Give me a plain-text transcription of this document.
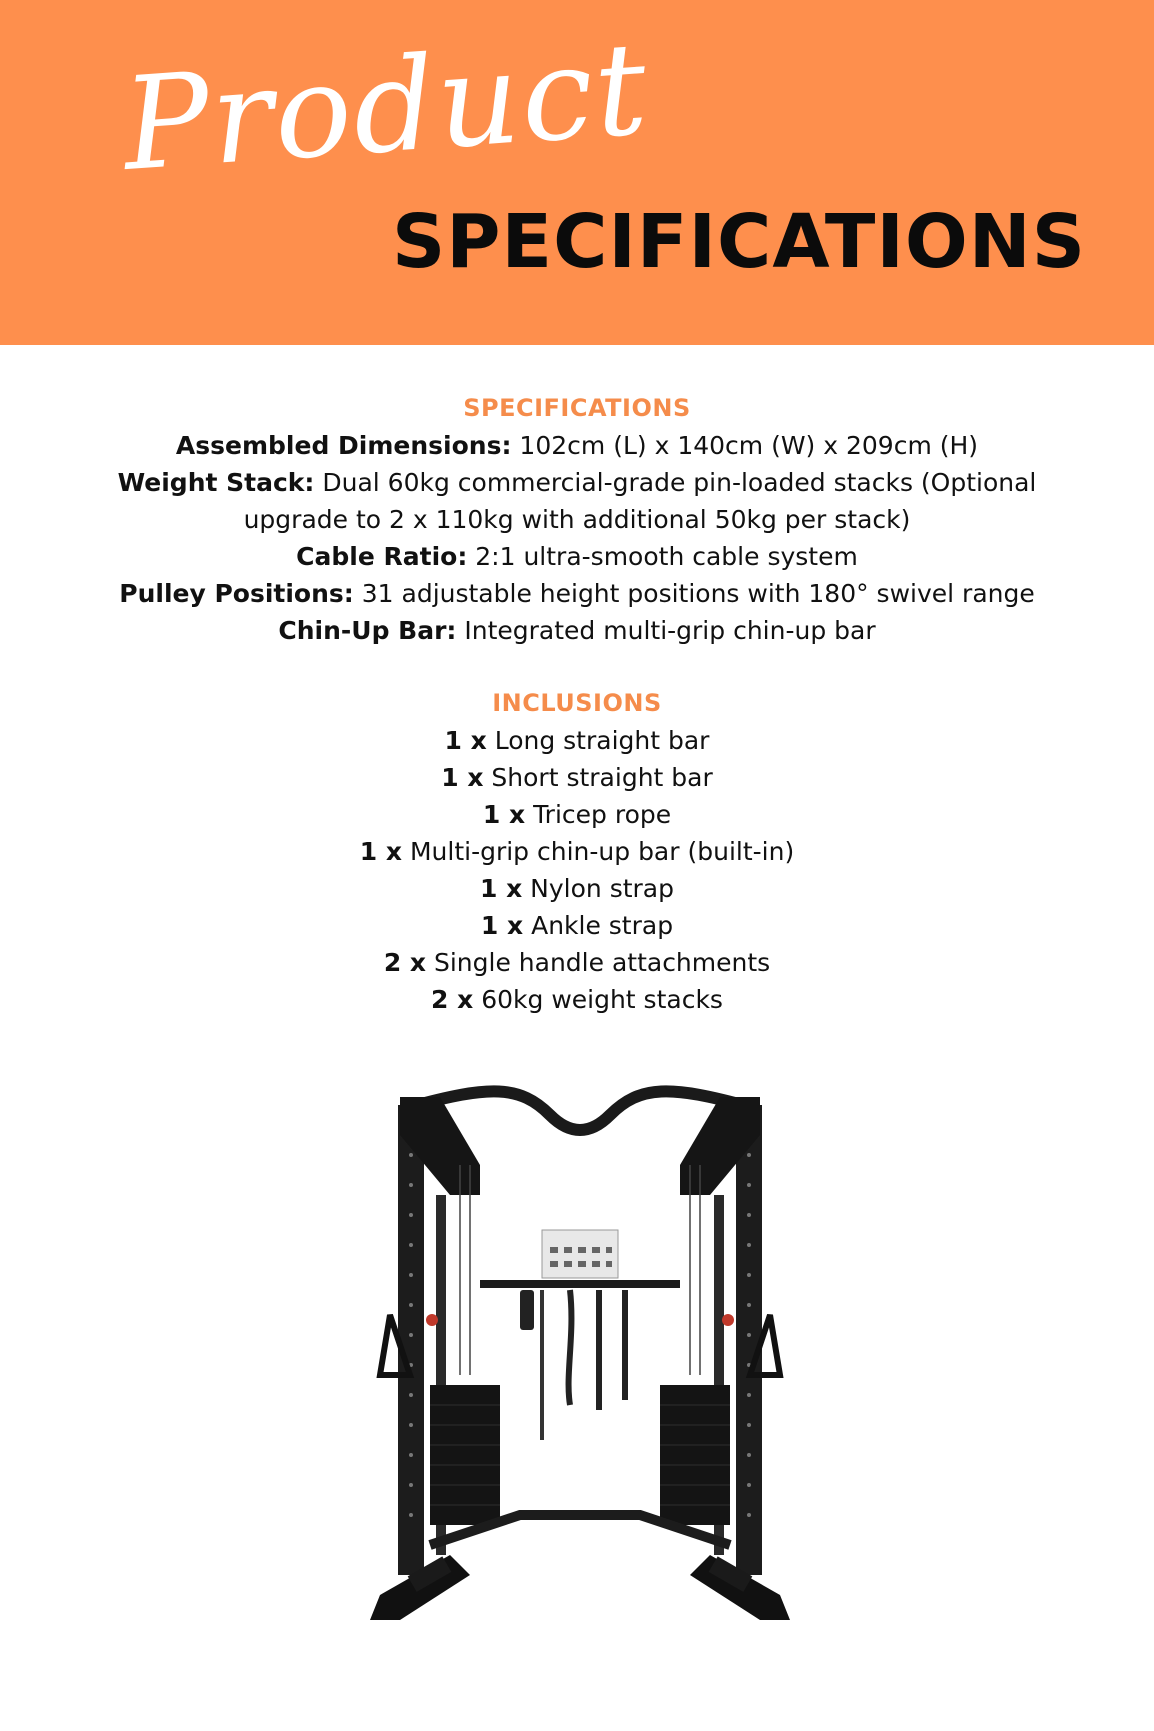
Product
SPECIFICATIONS
SPECIFICATIONS
Assembled Dimensions: 102cm (L) x 140cm (W) x 209cm (H)
Weight Stack: Dual 60kg commercial-grade pin-loaded stacks (Optional
upgrade to 2 x 110kg with additional 50kg per stack)
Cable Ratio: 2:1 ultra-smooth cable system
Pulley Positions: 31 adjustable height positions with 180° swivel range
Chin-Up Bar: Integrated multi-grip chin-up bar
INCLUSIONS
1 x Long straight bar
1 x Short straight bar
1 x Tricep rope
1 x Multi-grip chin-up bar (built-in)
1 x Nylon strap
1 x Ankle strap
2 x Single handle attachments
2 x 60kg weight stacks
